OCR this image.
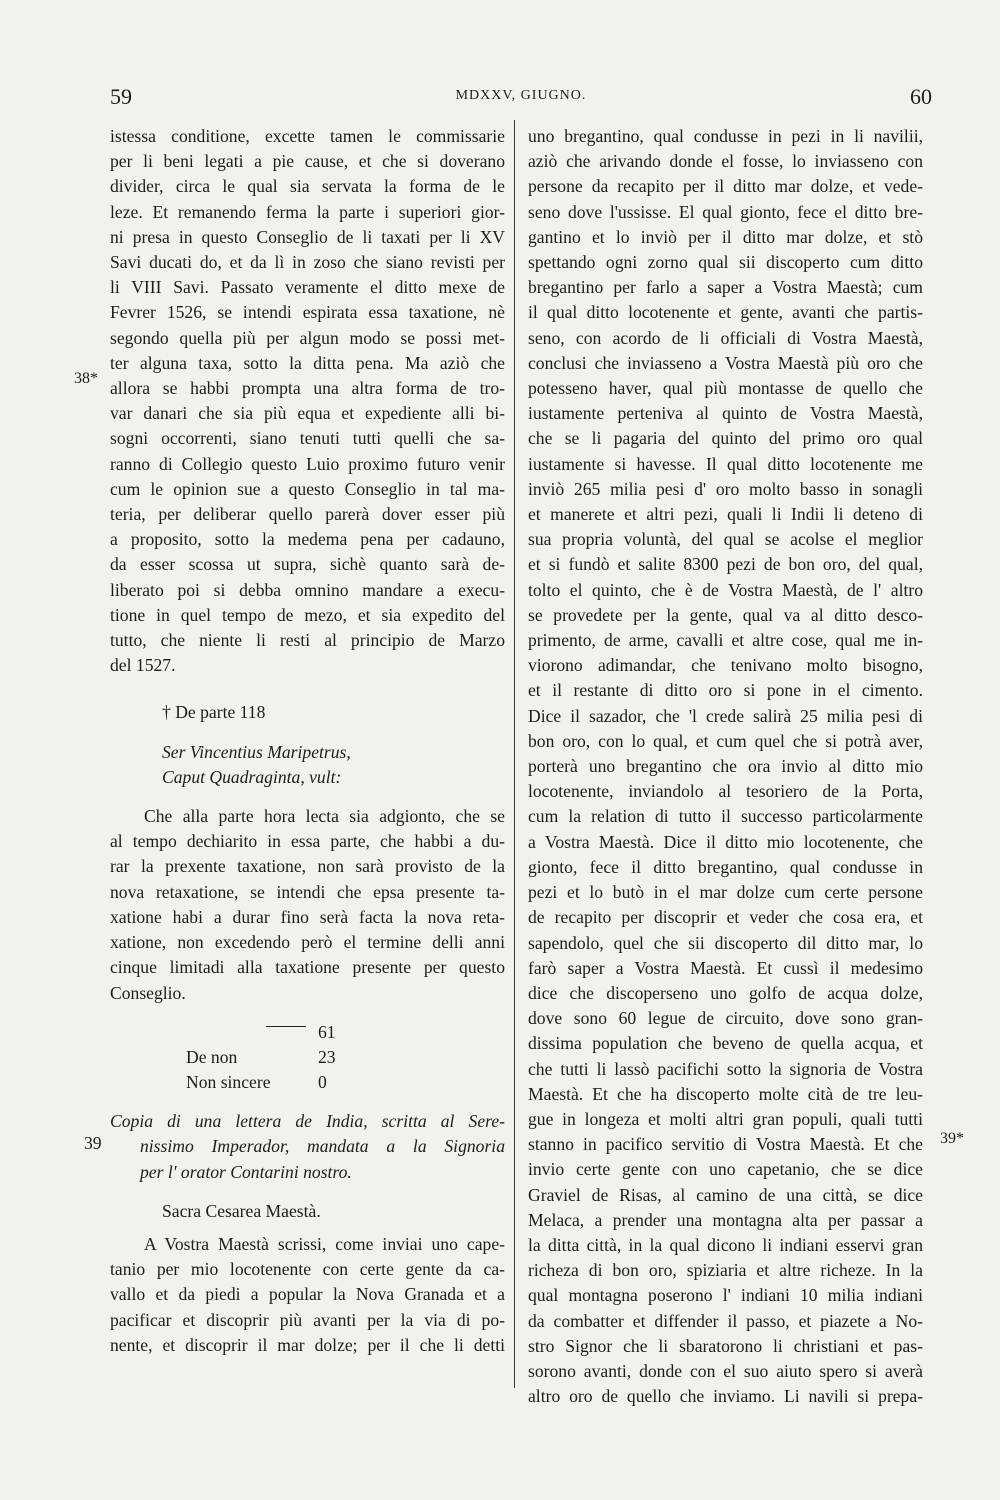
59	MDXXV, GIUGNO.	60
38*
39	39*
istessa conditione, excette tamen le commissarie
per li beni legati a pie cause, et che si doverano
divider, circa le qual sia servata la forma de le
leze. Et remanendo ferma la parte i superiori gior-
ni presa in questo Conseglio de li taxati per li XV
Savi ducati do, et da lì in zoso che siano revisti per
li VIII Savi. Passato veramente el ditto mexe de
Fevrer 1526, se intendi espirata essa taxatione, nè
segondo quella più per algun modo se possi met-
ter alguna taxa, sotto la ditta pena. Ma aziò che
allora se habbi prompta una altra forma de tro-
var danari che sia più equa et expediente alli bi-
sogni occorrenti, siano tenuti tutti quelli che sa-
ranno di Collegio questo Luio proximo futuro venir
cum le opinion sue a questo Conseglio in tal ma-
teria, per deliberar quello parerà dover esser più
a proposito, sotto la medema pena per cadauno,
da esser scossa ut supra, sichè quanto sarà de-
liberato poi si debba omnino mandare a execu-
tione in quel tempo de mezo, et sia expedito del
tutto, che niente li resti al principio de Marzo
del 1527.
† De parte 118
Ser Vincentius Maripetrus,
Caput Quadraginta, vult:
Che alla parte hora lecta sia adgionto, che se
al tempo dechiarito in essa parte, che habbi a du-
rar la prexente taxatione, non sarà provisto de la
nova retaxatione, se intendi che epsa presente ta-
xatione habi a durar fino serà facta la nova reta-
xatione, non excedendo però el termine delli anni
cinque limitadi alla taxatione presente per questo
Conseglio.
61
De non	23
Non sincere	0
Copia di una lettera de India, scritta al Sere-
nissimo Imperador, mandata a la Signoria
per l' orator Contarini nostro.
Sacra Cesarea Maestà.
A Vostra Maestà scrissi, come inviai uno cape-
tanio per mio locotenente con certe gente da ca-
vallo et da piedi a popular la Nova Granada et a
pacificar et discoprir più avanti per la via di po-
nente, et discoprir il mar dolze; per il che li detti
uno bregantino, qual condusse in pezi in li navilii,
aziò che arivando donde el fosse, lo inviasseno con
persone da recapito per il ditto mar dolze, et vede-
seno dove l'ussisse. El qual gionto, fece el ditto bre-
gantino et lo inviò per il ditto mar dolze, et stò
spettando ogni zorno qual sii discoperto cum ditto
bregantino per farlo a saper a Vostra Maestà; cum
il qual ditto locotenente et gente, avanti che partis-
seno, con acordo de li officiali di Vostra Maestà,
conclusi che inviasseno a Vostra Maestà più oro che
potesseno haver, qual più montasse de quello che
iustamente perteniva al quinto de Vostra Maestà,
che se li pagaria del quinto del primo oro qual
iustamente si havesse. Il qual ditto locotenente me
inviò 265 milia pesi d' oro molto basso in sonagli
et manerete et altri pezi, quali li Indii li deteno di
sua propria voluntà, del qual se acolse el meglior
et si fundò et salite 8300 pezi de bon oro, del qual,
tolto el quinto, che è de Vostra Maestà, de l' altro
se provedete per la gente, qual va al ditto desco-
primento, de arme, cavalli et altre cose, qual me in-
viorono adimandar, che tenivano molto bisogno,
et il restante di ditto oro si pone in el cimento.
Dice il sazador, che 'l crede salirà 25 milia pesi di
bon oro, con lo qual, et cum quel che si potrà aver,
porterà uno bregantino che ora invio al ditto mio
locotenente, inviandolo al tesoriero de la Porta,
cum la relation di tutto il successo particolarmente
a Vostra Maestà. Dice il ditto mio locotenente, che
gionto, fece il ditto bregantino, qual condusse in
pezi et lo butò in el mar dolze cum certe persone
de recapito per discoprir et veder che cosa era, et
sapendolo, quel che sii discoperto dil ditto mar, lo
farò saper a Vostra Maestà. Et cussì il medesimo
dice che discoperseno uno golfo de acqua dolze,
dove sono 60 legue de circuito, dove sono gran-
dissima population che beveno de quella acqua, et
che tutti li lassò pacifichi sotto la signoria de Vostra
Maestà. Et che ha discoperto molte cità de tre leu-
gue in longeza et molti altri gran populi, quali tutti
stanno in pacifico servitio di Vostra Maestà. Et che
invio certe gente con uno capetanio, che se dice
Graviel de Risas, al camino de una città, se dice
Melaca, a prender una montagna alta per passar a
la ditta città, in la qual dicono li indiani esservi gran
richeza di bon oro, spiziaria et altre richeze. In la
qual montagna poserono l' indiani 10 milia indiani
da combatter et diffender il passo, et piazete a No-
stro Signor che li sbaratorono li christiani et pas-
sorono avanti, donde con el suo aiuto spero si averà
altro oro de quello che inviamo. Li navili si prepa-
